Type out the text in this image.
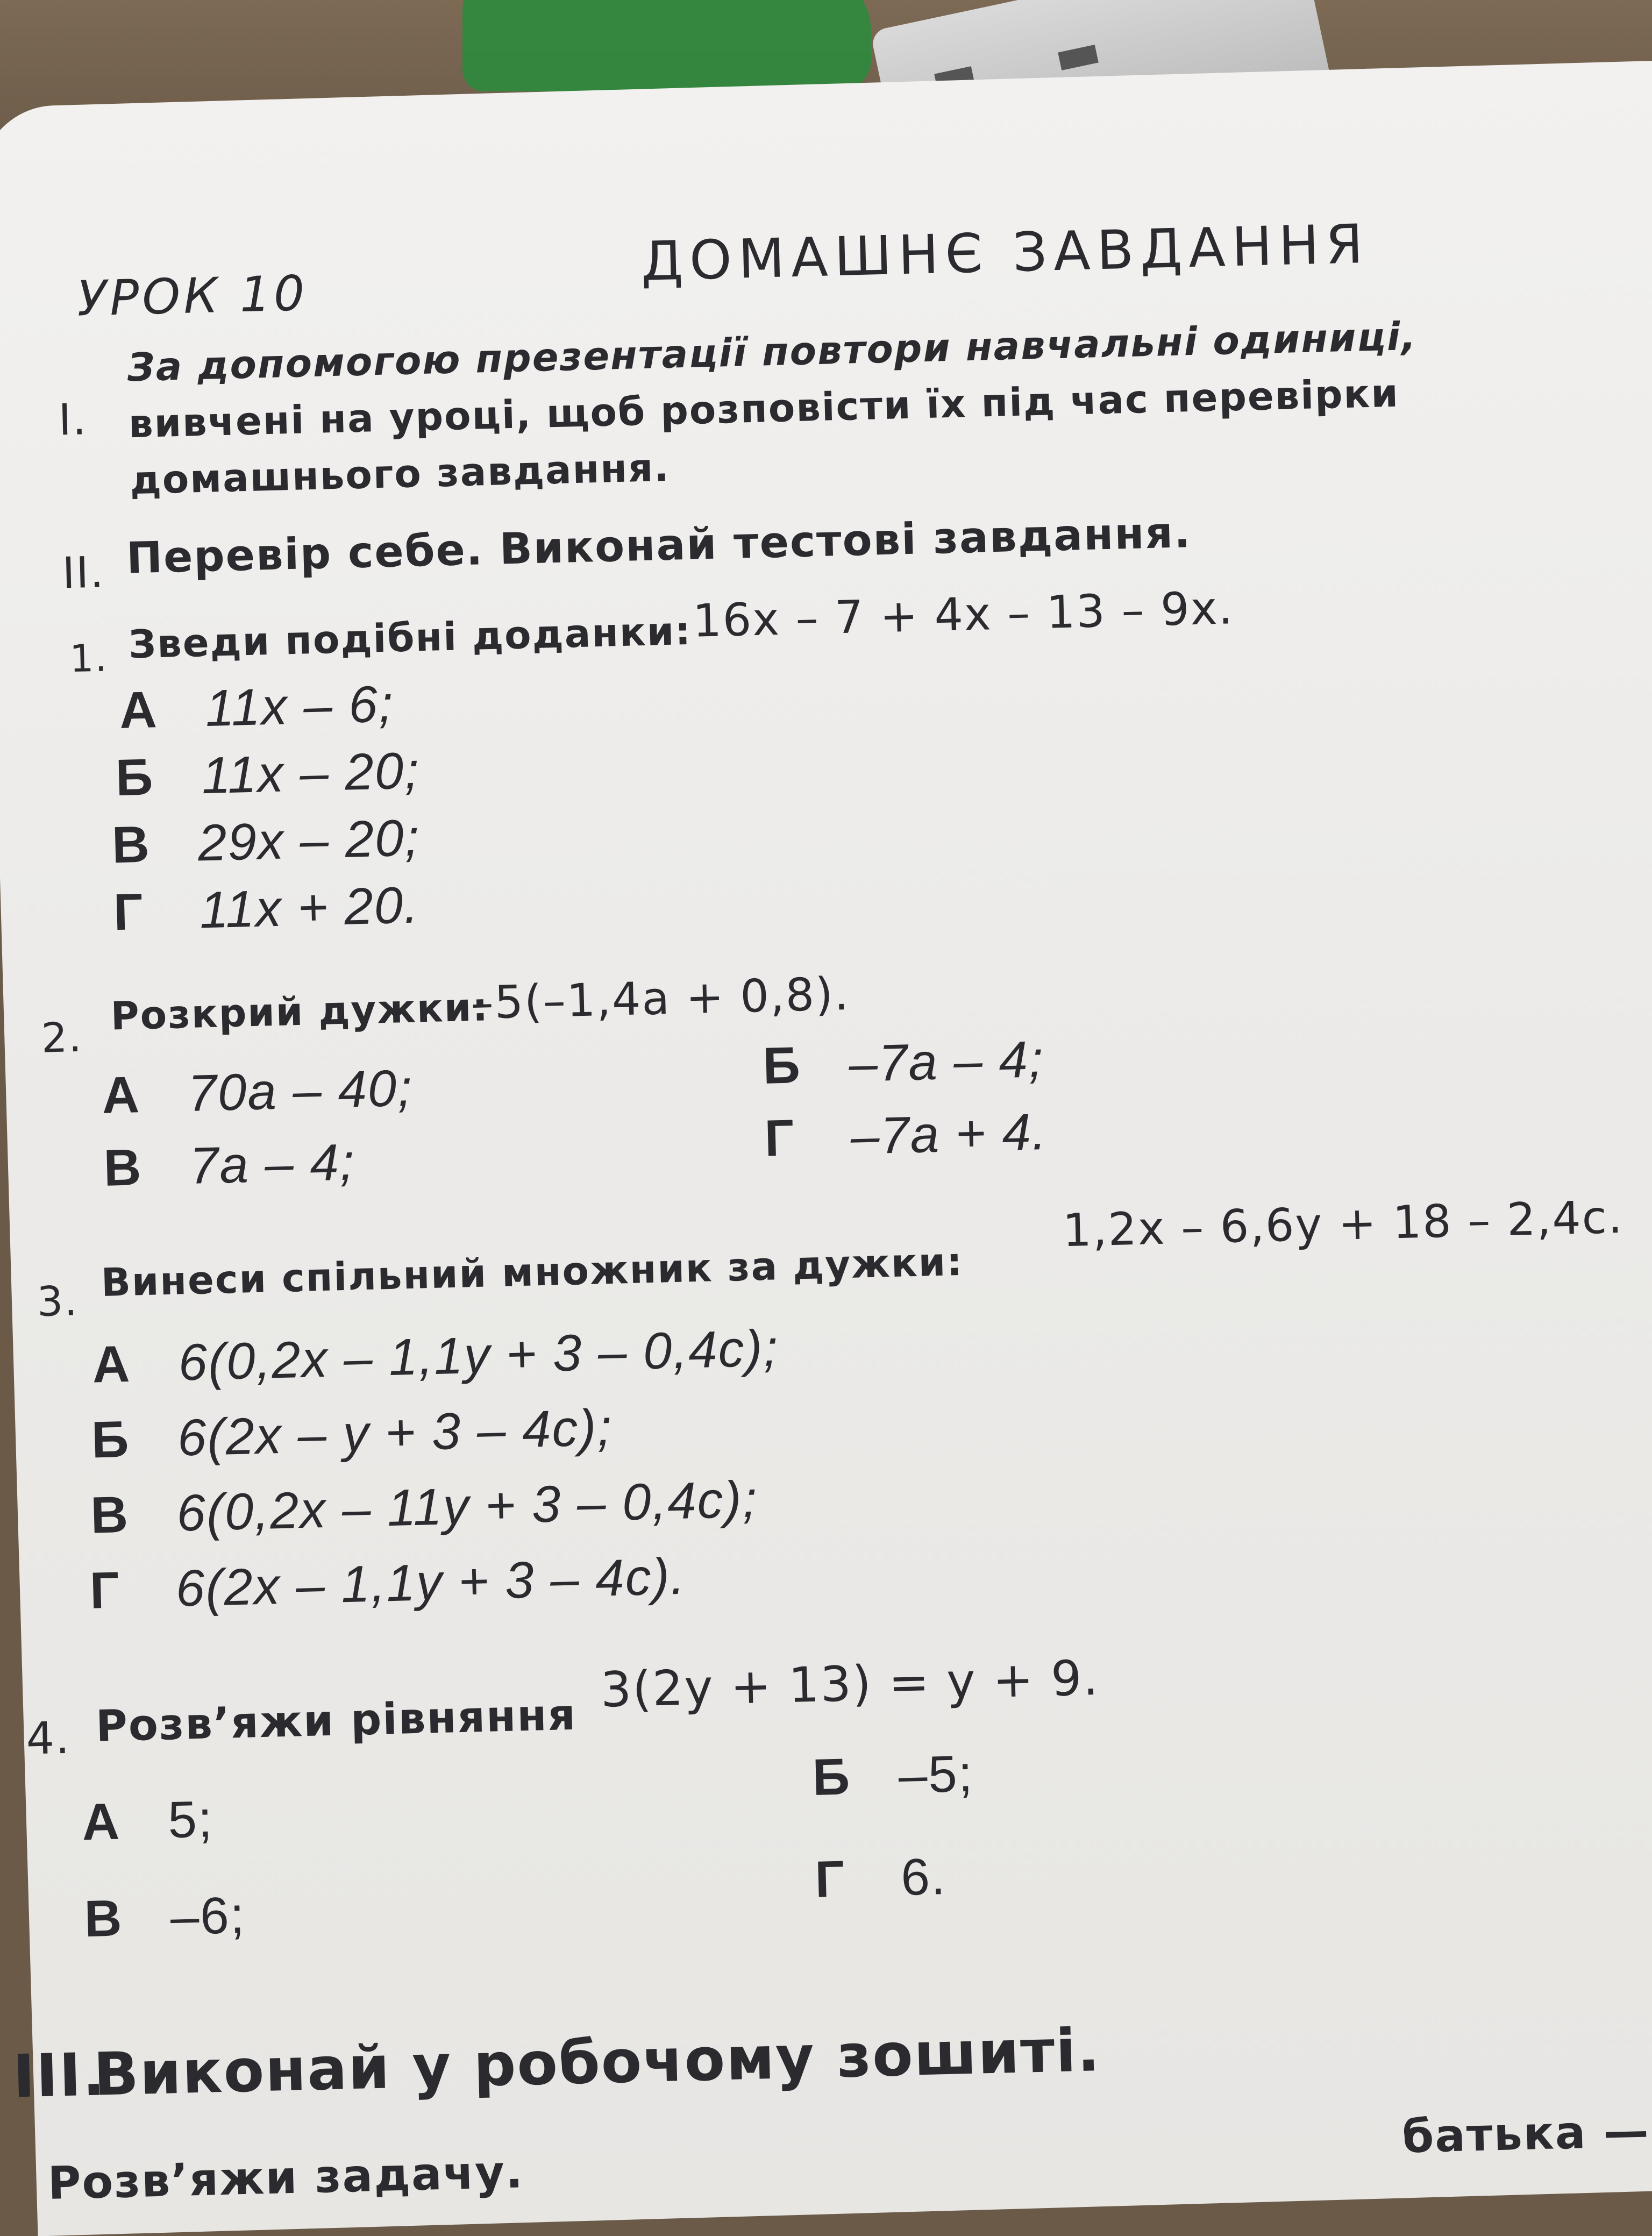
УРОК 10
ДОМАШНЄ ЗАВДАННЯ
I.
За допомогою презентації повтори навчальні одиниці,
вивчені на уроці, щоб розповісти їх під час перевірки
домашнього завдання.
II. Перевір себе. Виконай тестові завдання.
1. Зведи подібні доданки: 16x – 7 + 4x – 13 – 9x.
А 11x – 6;
Б 11x – 20;
В 29x – 20;
Г 11x + 20.
2. Розкрий дужки:
–5(–1,4a + 0,8).
А 70a – 40;	Б –7a – 4;
В 7a – 4;	Г –7a + 4.
3. Винеси спільний множник за дужки:
1,2x – 6,6y + 18 – 2,4c.
А 6(0,2x – 1,1y + 3 – 0,4c);
Б 6(2x – y + 3 – 4c);
В 6(0,2x – 11y + 3 – 0,4c);
Г 6(2x – 1,1y + 3 – 4c).
4. Розв’яжи рівняння
3(2y + 13) = y + 9.
А 5;
Б –5;
В –6;
Г 6.
III.
Виконай у робочому зошиті.
Розв’яжи задачу.
батька —
